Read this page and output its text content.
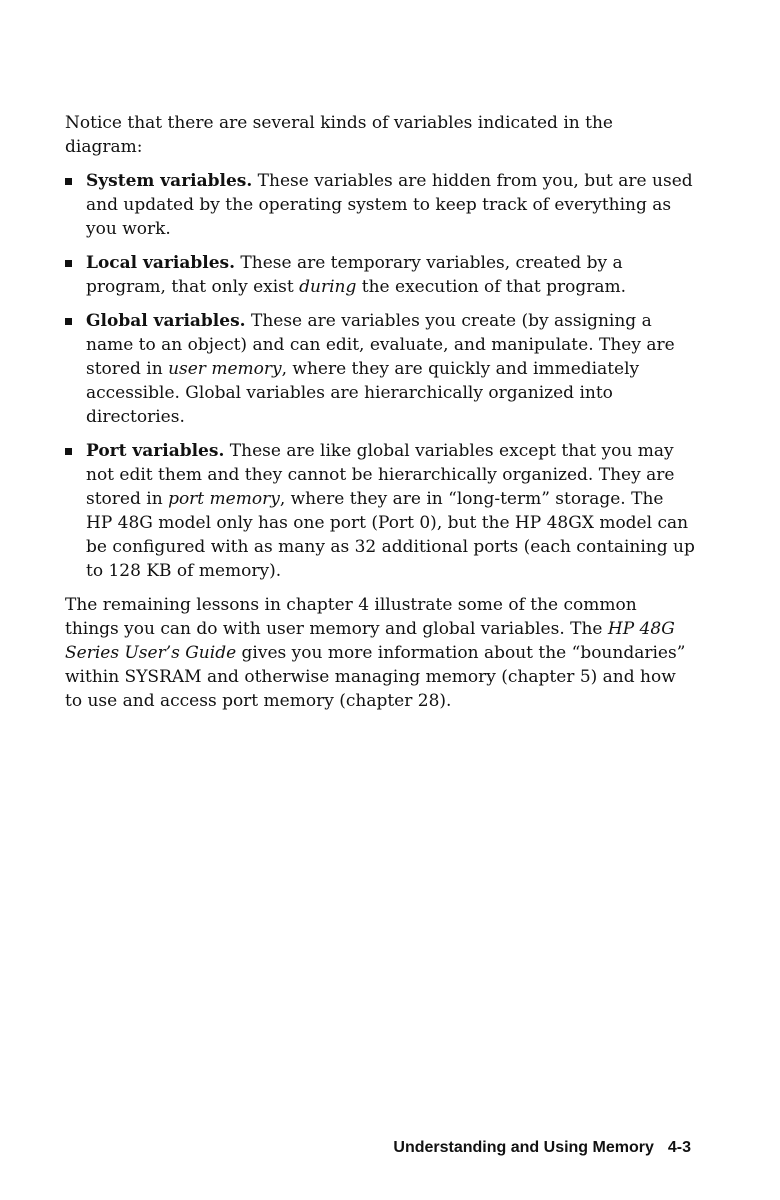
Notice that there are several kinds of variables indicated in the diagram:

System variables. These variables are hidden from you, but are used and updated by the operating system to keep track of everything as you work.
Local variables. These are temporary variables, created by a program, that only exist during the execution of that program.
Global variables. These are variables you create (by assigning a name to an object) and can edit, evaluate, and manipulate. They are stored in user memory, where they are quickly and immediately accessible. Global variables are hierarchically organized into directories.
Port variables. These are like global variables except that you may not edit them and they cannot be hierarchically organized. They are stored in port memory, where they are in “long-term” storage. The HP 48G model only has one port (Port 0), but the HP 48GX model can be configured with as many as 32 additional ports (each containing up to 128 KB of memory).

The remaining lessons in chapter 4 illustrate some of the common things you can do with user memory and global variables. The HP 48G Series User’s Guide gives you more information about the “boundaries” within SYSRAM and otherwise managing memory (chapter 5) and how to use and access port memory (chapter 28).

Understanding and Using Memory 4-3
